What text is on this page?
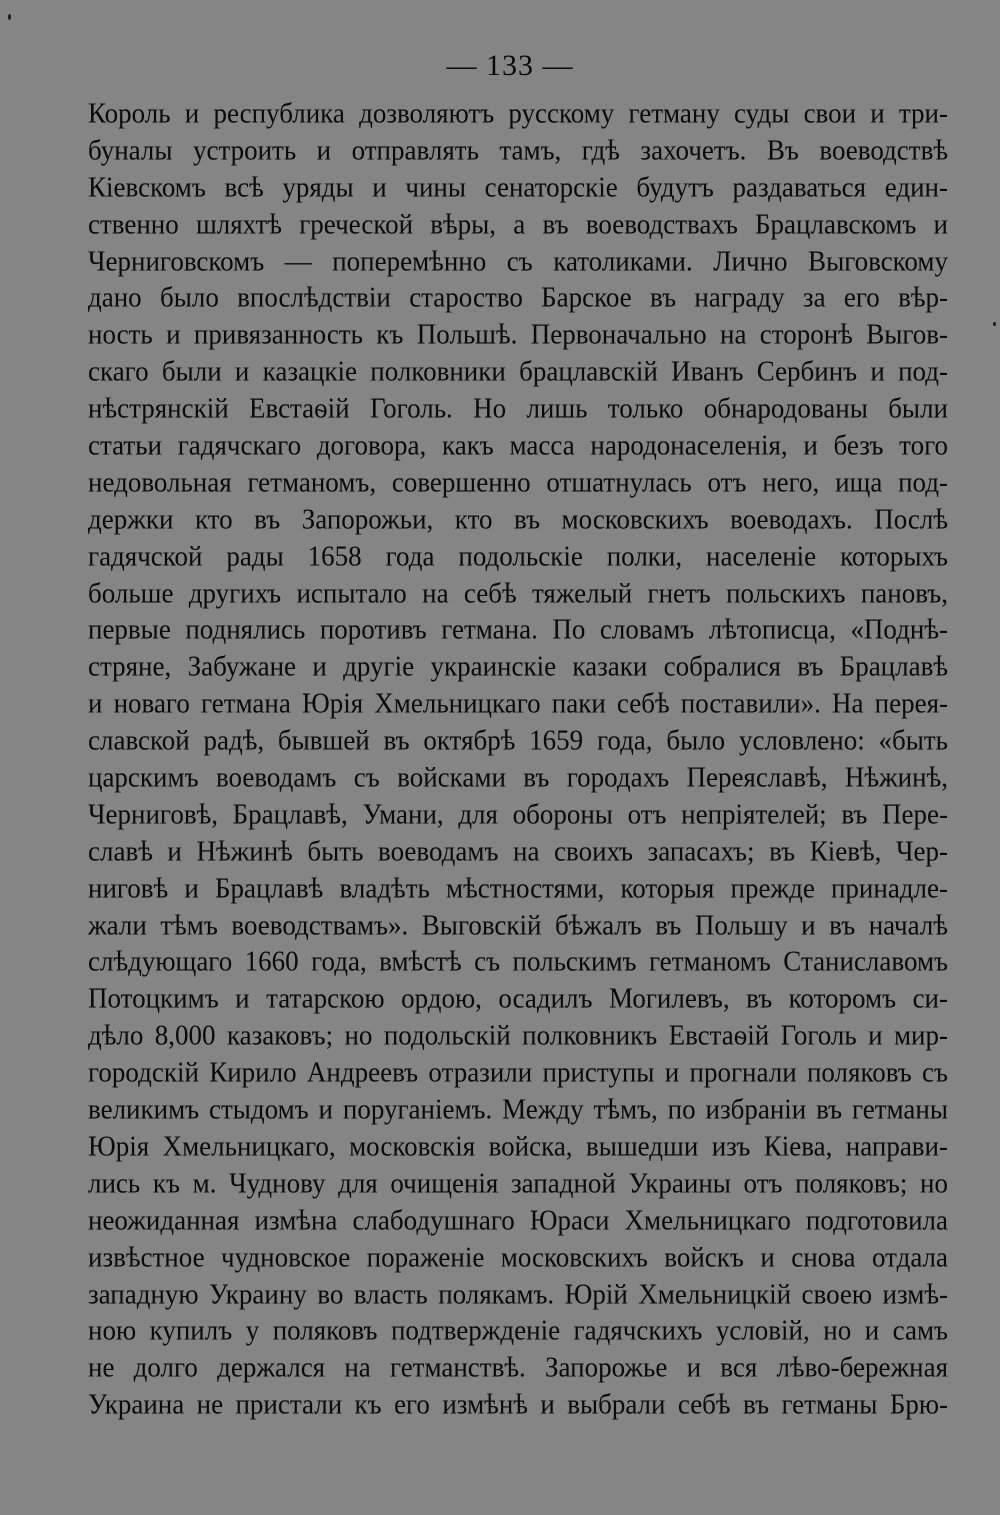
— 133 —
Король и республика дозволяютъ русскому гетману суды свои и три-
буналы устроить и отправлять тамъ, гдѣ захочетъ. Въ воеводствѣ
Кіевскомъ всѣ уряды и чины сенаторскіе будутъ раздаваться един-
ственно шляхтѣ греческой вѣры, а въ воеводствахъ Брацлавскомъ и
Черниговскомъ — поперемѣнно съ католиками. Лично Выговскому
дано было впослѣдствіи староство Барское въ награду за его вѣр-
ность и привязанность къ Польшѣ. Первоначально на сторонѣ Выгов-
скаго были и казацкіе полковники брацлавскій Иванъ Сербинъ и под-
нѣстрянскій Евстаѳій Гоголь. Но лишь только обнародованы были
статьи гадячскаго договора, какъ масса народонаселенія, и безъ того
недовольная гетманомъ, совершенно отшатнулась отъ него, ища под-
держки кто въ Запорожьи, кто въ московскихъ воеводахъ. Послѣ
гадячской рады 1658 года подольскіе полки, населеніе которыхъ
больше другихъ испытало на себѣ тяжелый гнетъ польскихъ пановъ,
первые поднялись поротивъ гетмана. По словамъ лѣтописца, «Поднѣ-
стряне, Забужане и другіе украинскіе казаки собралися въ Брацлавѣ
и новаго гетмана Юрія Хмельницкаго паки себѣ поставили». На перея-
славской радѣ, бывшей въ октябрѣ 1659 года, было условлено: «быть
царскимъ воеводамъ съ войсками въ городахъ Переяславѣ, Нѣжинѣ,
Черниговѣ, Брацлавѣ, Умани, для обороны отъ непріятелей; въ Пере-
славѣ и Нѣжинѣ быть воеводамъ на своихъ запасахъ; въ Кіевѣ, Чер-
ниговѣ и Брацлавѣ владѣть мѣстностями, которыя прежде принадле-
жали тѣмъ воеводствамъ». Выговскій бѣжалъ въ Польшу и въ началѣ
слѣдующаго 1660 года, вмѣстѣ съ польскимъ гетманомъ Станиславомъ
Потоцкимъ и татарскою ордою, осадилъ Могилевъ, въ которомъ си-
дѣло 8,000 казаковъ; но подольскій полковникъ Евстаѳій Гоголь и мир-
городскій Кирило Андреевъ отразили приступы и прогнали поляковъ съ
великимъ стыдомъ и поруганіемъ. Между тѣмъ, по избраніи въ гетманы
Юрія Хмельницкаго, московскія войска, вышедши изъ Кіева, направи-
лись къ м. Чуднову для очищенія западной Украины отъ поляковъ; но
неожиданная измѣна слабодушнаго Юраси Хмельницкаго подготовила
извѣстное чудновское пораженіе московскихъ войскъ и снова отдала
западную Украину во власть полякамъ. Юрій Хмельницкій своею измѣ-
ною купилъ у поляковъ подтвержденіе гадячскихъ условій, но и самъ
не долго держался на гетманствѣ. Запорожье и вся лѣво-бережная
Украина не пристали къ его измѣнѣ и выбрали себѣ въ гетманы Брю-
